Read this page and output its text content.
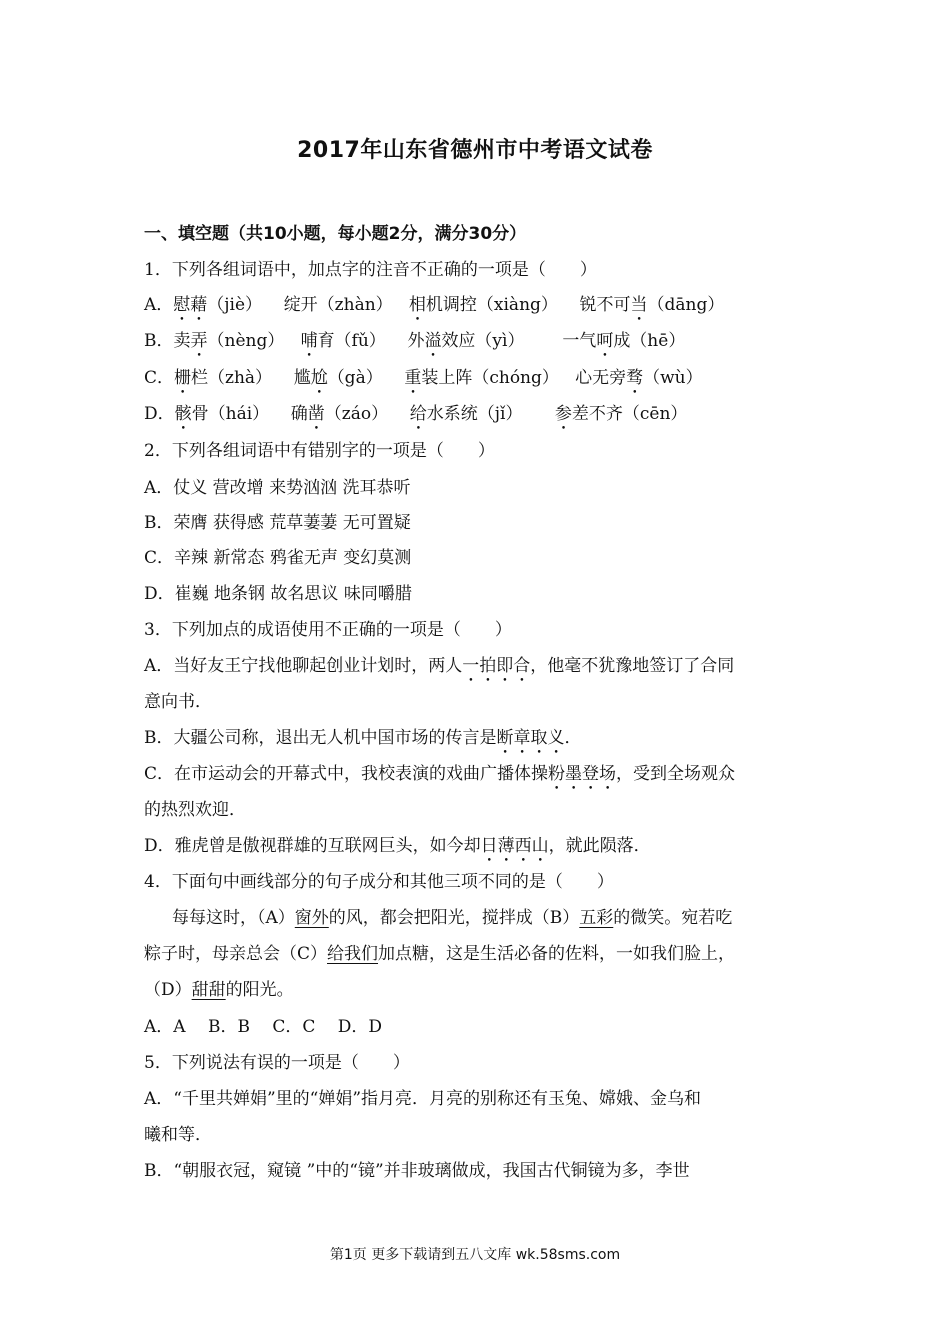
2017年山东省德州市中考语文试卷
一、填空题（共10小题，每小题2分，满分30分）
1．下列各组词语中，加点字的注音不正确的一项是（　　）
A．慰藉（jiè） 绽开（zhàn） 相机调控（xiàng） 锐不可当（dāng）
B．卖弄（nèng） 哺育（fǔ） 外溢效应（yì） 一气呵成（hē）
C．栅栏（zhà） 尴尬（gà） 重装上阵（chóng） 心无旁骛（wù）
D．骸骨（hái） 确凿（záo） 给水系统（jǐ） 参差不齐（cēn）
2．下列各组词语中有错别字的一项是（　　）
A．仗义 营改增 来势汹汹 洗耳恭听
B．荣膺 获得感 荒草萋萋 无可置疑
C．辛辣 新常态 鸦雀无声 变幻莫测
D．崔巍 地条钢 故名思议 味同嚼腊
3．下列加点的成语使用不正确的一项是（　　）
A．当好友王宁找他聊起创业计划时，两人一拍即合，他毫不犹豫地签订了合同
意向书．
B．大疆公司称，退出无人机中国市场的传言是断章取义．
C．在市运动会的开幕式中，我校表演的戏曲广播体操粉墨登场，受到全场观众
的热烈欢迎．
D．雅虎曾是傲视群雄的互联网巨头，如今却日薄西山，就此陨落．
4．下面句中画线部分的句子成分和其他三项不同的是（　　）
每每这时，（A）窗外的风，都会把阳光，搅拌成（B）五彩的微笑。宛若吃
粽子时，母亲总会（C）给我们加点糖，这是生活必备的佐料，一如我们脸上，
（D）甜甜的阳光。
A．A　 B．B　 C．C　 D．D
5．下列说法有误的一项是（　　）
A．“千里共婵娟”里的“婵娟”指月亮．月亮的别称还有玉兔、嫦娥、金乌和
曦和等．
B．“朝服衣冠，窥镜 ”中的“镜”并非玻璃做成，我国古代铜镜为多，李世
第1页 更多下载请到五八文库 wk.58sms.com
